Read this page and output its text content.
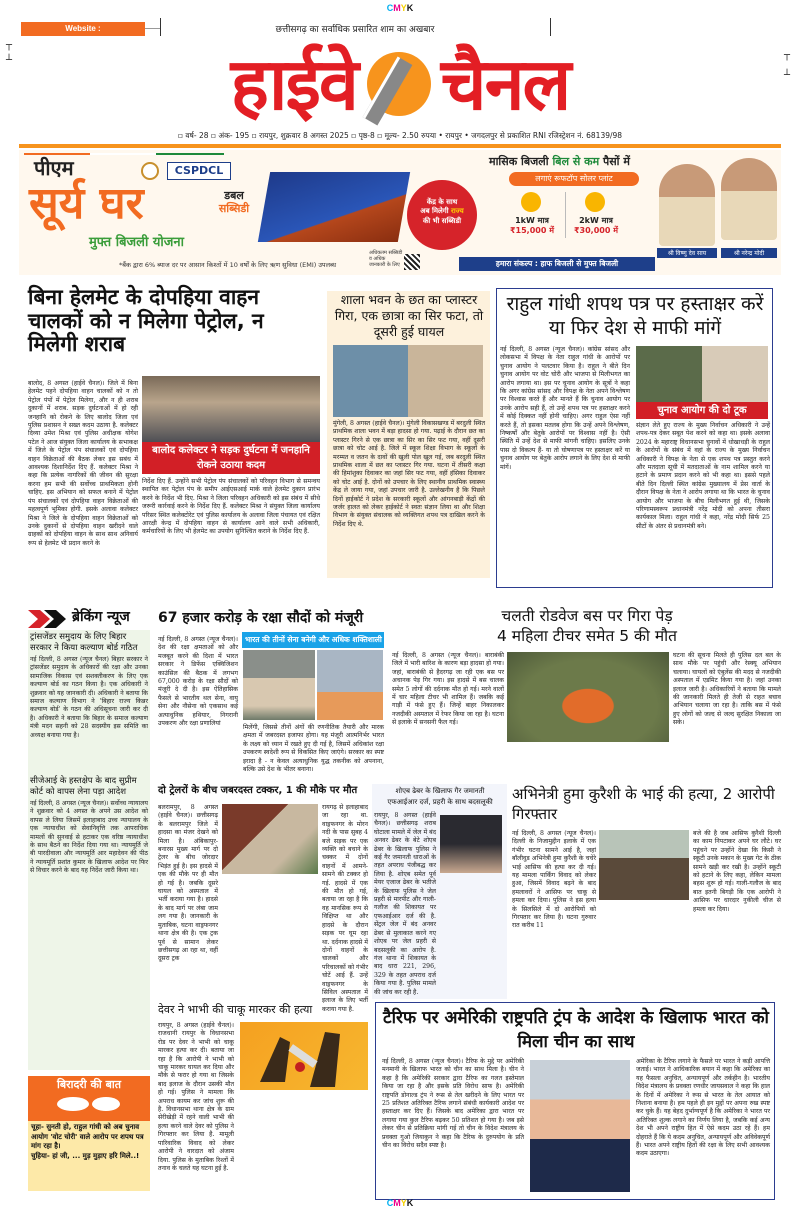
CMYK
┬
┴	┬
┴
Website : www.highwaychannel.in
छत्तीसगढ़ का सर्वाधिक प्रसारित शाम का अखबार
हाईवे चैनल
▫ वर्ष- 28 ▫ अंक- 195 ▫ रायपुर, शुक्रवार 8 अगस्त 2025 ▫ पृष्ठ-8 ▫ मूल्य- 2.50 रुपया • रायपुर • जगदलपुर से प्रकाशित RNI रजिस्ट्रेशन नं. 68139/98
पीएम	CSPDCL
सूर्य घर
मुफ्त बिजली योजना
डबल
सब्सिडी
अधिकतम सब्सिडी व अधिक जानकारी के लिए
केंद्र के साथ
अब मिलेगी राज्य
की भी सब्सिडी
मासिक बिजली बिल से कम पैसों में
लगाएं रूफटॉप सोलर प्लांट
1kW मात्र
₹15,000 में
2kW मात्र
₹30,000 में
हमारा संकल्प : हाफ बिजली से मुफ्त बिजली
श्री विष्णु देव साय	श्री नरेन्द्र मोदी
*बैंक द्वारा 6% ब्याज दर पर आसान किश्तों में 10 वर्षों के लिए ऋण सुविधा (EMI) उपलब्ध
बिना हेलमेट के दोपहिया वाहन चालकों को न मिलेगा पेट्रोल, न मिलेगी शराब
बालोद, 8 अगस्त (हाईवे चैनल)। जिले में बिना हेलमेट पहने दोपहिया वाहन चालकों को न तो पेट्रोल पंपों में पेट्रोल मिलेगा, और न ही शराब दुकानों में शराब. सड़क दुर्घटनाओं में हो रही जनहानि को रोकने के लिए बालोद जिला एवं पुलिस प्रशासन ने सख्त कदम उठाया है. कलेक्टर दिव्या उमेश मिश्रा एवं पुलिस अधीक्षक योगेश पटेल ने आज संयुक्त जिला कार्यालय के सभाकक्ष में जिले के पेट्रोल पंप संचालकों एवं दोपहिया वाहन विक्रेताओं की बैठक लेकर इस सबंध में आवश्यक दिशानिर्देश दिए हैं. कलेक्टर मिश्रा ने कहा कि प्रत्येक नागरिकों की जीवन की सुरक्षा करना हम सभी की सर्वोच्च प्राथमिकता होनी चाहिए. इस अभियान को सफल बनाने में पेट्रोल पंप संचालकों एवं दोपहिया वाहन विक्रेताओं की महत्वपूर्ण भूमिका होगी. इसके अलावा कलेक्टर मिश्रा ने जिले के दोपहिया वाहन विक्रेताओं को उनके दुकानों से दोपहिया वाहन खरीदने वाले ग्राहकों को दोपहिया वाहन के साथ साथ अनिवार्य रूप से हेलमेट भी प्रदान करने के
बालोद कलेक्टर ने सड़क दुर्घटना में जनहानि रोकने उठाया कदम
निर्देश दिए हैं. उन्होंने सभी पेट्रोल पंप संचालकों को परिवहन विभाग से समन्वय स्थापित कर पेट्रोल पंप के समीप आईएसआई मार्क वाले हेलमेट दुकान प्रारंभ करने के निर्देश भी दिए. मिश्रा ने जिला परिवहन अधिकारी को इस संबंध में सीधे जरूरी कार्रवाई करने के निर्देश दिए हैं. कलेक्टर मिश्रा ने संयुक्त जिला कार्यालय परिसर स्थित कलेक्टोरेट एवं पुलिस कार्यालय के अलावा जिला पंचायत एवं रक्षित आरक्षी केन्द्र में दोपहिया वाहन से कार्यालय आने वाले सभी अधिकारी, कर्मचारियों के लिए भी हेलमेट का उपयोग सुनिश्चित कराने के निर्देश दिए हैं.
शाला भवन के छत का प्लास्टर गिरा, एक छात्रा का सिर फटा, तो दूसरी हुई घायल
मुंगेली, 8 अगस्त (हाईवे चैनल)। मुंगेली विकासखण्ड में बरदुली स्थित प्राथमिक शाला भवन में बड़ा हादसा हो गया. पढ़ाई के दौरान छत का प्लास्टर गिरने से एक छात्रा का सिर का सिर फट गया, वहीं दूसरी छात्रा को चोट आई है. जिले में स्कूल शिक्षा विभाग के स्कूलों के मरम्मत व जतन के दावों की खुली पोल खुल गई, जब बरदुली स्थित प्राथमिक शाला में छत का प्लास्टर गिर गया. घटना में तीसरी कक्षा की हिमांशुका दिवाकर का जहां सिर फट गया, वहीं हंसिका दिवाकर को चोट आई है. दोनों को उपचार के लिए स्थानीय प्राथमिक स्वास्थ्य केंद्र ले जाया गया, जहां उपचार जारी है. उल्लेखनीय है कि पिछले दिनों हाईकोर्ट ने प्रदेश के सरकारी स्कूलों और आंगनबाड़ी केंद्रों की जर्जर हालत को लेकर हाईकोर्ट ने स्वतः संज्ञान लिया था और शिक्षा विभाग के संयुक्त संचालक को व्यक्तिगत शपथ पत्र दाखिल करने के निर्देश दिए थे.
राहुल गांधी शपथ पत्र पर हस्ताक्षर करें या फिर देश से माफी मांगें
नई दिल्ली, 8 अगस्त (न्यूज चैनल)। कांग्रेस सांसद और लोकसभा में विपक्ष के नेता राहुल गांधी के आरोपों पर चुनाव आयोग ने पलटवार किया है। राहुल ने बीते दिन चुनाव आयोग पर वोट चोरी और भाजपा से मिलीभगत का आरोप लगाया था। इस पर चुनाव आयोग के सूत्रों ने कहा कि अगर कांग्रेस सांसद और विपक्ष के नेता अपने विश्लेषण पर विश्वास करते हैं और मानते हैं कि चुनाव आयोग पर उनके आरोप सही हैं, तो उन्हें शपथ पत्र पर हस्ताक्षर करने में कोई दिक्कत नहीं होनी चाहिए। अगर राहुल ऐसा नहीं करते हैं, तो इसका मतलब होगा कि उन्हें अपने विश्लेषण, निष्कर्षों और बेतुके आरोपों पर विश्वास नहीं है। ऐसी स्थिति में उन्हें देश से माफी मांगनी चाहिए। इसलिए उनके पास दो विकल्प हैं- या तो घोषणापत्र पर हस्ताक्षर करें या चुनाव आयोग पर बेतुके आरोप लगाने के लिए देश से माफी मांगें।
चुनाव आयोग की दो टूक
संज्ञान लेते हुए राज्य के मुख्य निर्वाचन अधिकारी ने उन्हें शपथ-पत्र देकर सबूत पेश करने को कहा था। इसके अलावा 2024 के महाराष्ट्र विधानसभा चुनावों में धोखाधड़ी के राहुल के आरोपों के संबंध में वहां के राज्य के मुख्य निर्वाचन अधिकारी ने विपक्ष के नेता से एक शपथ पत्र प्रस्तुत करने और मतदाता सूची में मतदाताओं के नाम शामिल करने या हटाने के प्रमाण प्रदान करने को भी कहा था। इससे पहले बीते दिन दिल्ली स्थित कांग्रेस मुख्यालय में प्रेस वार्ता के दौरान विपक्ष के नेता ने आरोप लगाया था कि भारत के चुनाव आयोग और भाजपा के बीच मिलीभगत हुई थी, जिसके परिणामस्वरूप प्रधानमंत्री नरेंद्र मोदी को अपना तीसरा कार्यकाल मिला। राहुल गांधी ने कहा, नरेंद्र मोदी सिर्फ 25 सीटों के अंतर से प्रधानमंत्री बने।
ब्रेकिंग न्यूज
ट्रांसजेंडर समुदाय के लिए बिहार सरकार ने किया कल्याण बोर्ड गठित
नई दिल्ली, 8 अगस्त (न्यूज चैनल) बिहार सरकार ने ट्रांसजेंडर समुदाय के अधिकारों की रक्षा और उनका सामाजिक विकास एवं सशक्तीकरण के लिए एक कल्याण बोर्ड का गठन किया है। एक अधिकारी ने शुक्रवार को यह जानकारी दी। अधिकारी ने बताया कि समाज कल्याण विभाग ने 'बिहार राज्य किन्नर कल्याण बोर्ड' के गठन की अधिसूचना जारी कर दी है। अधिकारी ने बताया कि बिहार के समाज कल्याण मंत्री मदन सहनी को 28 सदस्यीय इस समिति का अध्यक्ष बनाया गया है।
सीजेआई के हस्तक्षेप के बाद सुप्रीम कोर्ट को वापस लेना पड़ा आदेश
नई दिल्ली, 8 अगस्त (न्यूज चैनल)। सर्वोच्च न्यायालय ने शुक्रवार को 4 अगस्त के अपने उस आदेश को वापस ले लिया जिसमें इलाहाबाद उच्च न्यायालय के एक न्यायाधीश को सेवानिवृत्ति तक आपराधिक मामलों की सुनवाई से हटाकर एक वरिष्ठ न्यायाधीश के साथ बैठने का निर्देश दिया गया था। न्यायमूर्ति जे बी पारदीवाला और न्यायमूर्ति आर महादेवन की पीठ ने न्यायमूर्ति प्रशांत कुमार के खिलाफ आदेश पर फिर से विचार करने के बाद यह निर्देश जारी किया था।
67 हजार करोड़ के रक्षा सौदों को मंजूरी
नई दिल्ली, 8 अगस्त (न्यूज चैनल)। देश की रक्षा क्षमताओं को और मजबूत करने की दिशा में भारत सरकार ने डिफेंस एक्विजिशन काउंसिल की बैठक में लगभग 67,000 करोड़ के रक्षा सौदों को मंजूरी दे दी है। इस ऐतिहासिक फैसले से भारतीय थल सेना, वायु सेना और नौसेना को एकसाथ कई अत्याधुनिक हथियार, निगरानी उपकरण और रक्षा प्रणालियां
भारत की तीनों सेना बनेगी और अधिक शक्तिशाली
मिलेंगी, जिससे तीनों अंगों की रणनीतिक तैयारी और मारक क्षमता में जबरदस्त इजाफा होगा। यह मंजूरी आत्मनिर्भर भारत के लक्ष्य को ध्यान में रखते हुए दी गई है, जिसमें अधिकांश रक्षा उपकरण स्वदेशी रूप से विकसित किए जाएंगे। सरकार का स्पष्ट इरादा है - न केवल अत्याधुनिक युद्ध तकनीक को अपनाना, बल्कि उसे देश के भीतर बनाना।
चलती रोडवेज बस पर गिरा पेड़
4 महिला टीचर समेत 5 की मौत
नई दिल्ली, 8 अगस्त (न्यूज चैनल)। बाराबंकी जिले में भारी बारिश के कारण बड़ा हादसा हो गया। जहां, बाराबंकी से हैदरगढ़ जा रही एक बस पर अचानक पेड़ गिर गया। इस हादसे में बस चालक समेत 5 लोगों की दर्दनाक मौत हो गई। मरने वालों में चार महिला टीचर भी शामिल हैं। जबकि कई गाड़ी में फंसे हुए हैं। जिन्हें बाहर निकालकर नजदीकी अस्पताल में रेफर किया जा रहा है। घटना से इलाके में सनसनी फैल गई।
घटना की सूचना मिलते ही पुलिस दल बल के साथ मौके पर पहुंची और रेस्क्यू अभियान चलाया। घायलों को एंबुलेंस की मदद से नजदीकी अस्पताल में एडमिट किया गया है। जहां उनका इलाज जारी है। अधिकारियों ने बताया कि मामले की जानकारी मिलते ही तेजी से राहत बचाव अभियान चलाया जा रहा है। ताकि बस में फंसे हुए लोगों को जल्द से जल्द सुरक्षित निकाला जा सके।
दो ट्रेलरों के बीच जबरदस्त टक्कर, 1 की मौके पर मौत
बलरामपुर, 8 अगस्त (हाईवे चैनल)। छत्तीसगढ़ के बलरामपुर जिले में हादसा का मंजर देखने को मिला है। अंबिकापुर-बनारस मुख्य मार्ग पर दो ट्रेलर के बीच जोरदार भिड़ंत हुई है। इस हादसे में एक की मौके पर ही मौत हो गई है। जबकि दूसरे घायल को अस्पताल में भर्ती कराया गया है। हादसे के बाद मार्ग पर लंबा जाम लग गया है। जानकारी के मुताबिक, घटना वाड्रफनगर थाना क्षेत्र की है। एक ट्रक पूर्व से सामान लेकर छत्तीसगढ़ आ रहा था, वहीं दूसरा ट्रक
रायगढ़ से इलाहाबाद जा रहा था. वाड्रफनगर के मोरन नदी के पास सुबह 4 बजे सड़क पर एक व्यक्ति को बचाने के चक्कर में दोनों वाहनों में आमने-सामने की टक्कर हो गई. हादसे में एक की मौत हो गई, बताया जा रहा है कि वह मानसिक रूप से विक्षिप्त था और हादसे के दौरान सड़क पर घूम रहा था. दर्दनाक हादसे में दोनों वाहनों के चालकों और परिचालकों को गंभीर चोटें आई हैं. उन्हें वाड्रफनगर के सिविल अस्पताल में इलाज के लिए भर्ती कराया गया है.
शोएब ढेबर के खिलाफ गैर जमानती
एफआईआर दर्ज, प्रहरी के साथ बदसलूकी
रायपुर, 8 अगस्त (हाईवे चैनल)। छत्तीसगढ़ शराब घोटाला मामले में जेल में बंद अनवर ढेबर के बेटे शोएब ढेबर के खिलाफ पुलिस ने कई गैर जमानती धाराओं के तहत अपराध पंजीबद्ध कर लिया है. शोएब समेत पूर्व मेयर एजाज ढेबर के भतीजे के खिलाफ पुलिस ने जेल प्रहरी से मारपीट और गाली-गलौज की शिकायत पर एफआईआर दर्ज की है. सेंट्रल जेल में बंद अनवर ढेबर से मुलाकात करने गए शोएब पर जेल प्रहरी से बदसलूकी का आरोप है. गंज थाना में शिकायत के बाद धारा 221, 296, 329 के तहत अपराध दर्ज किया गया है. पुलिस मामले की जांच कर रही है.
अभिनेत्री हुमा कुरैशी के भाई की हत्या, 2 आरोपी गिरफ्तार
नई दिल्ली, 8 अगस्त (न्यूज चैनल)। दिल्ली के निजामुद्दीन इलाके में एक गंभीर घटना सामने आई है, जहां बॉलीवुड अभिनेत्री हुमा कुरैशी के चचेरे भाई आसिफ की हत्या कर दी गई। यह मामला पार्किंग विवाद को लेकर हुआ, जिसमें विवाद बढ़ने के बाद हमलावरों ने आसिफ पर चाकू से हमला कर दिया। पुलिस ने इस हत्या के सिलसिले में दो आरोपियों को गिरफ्तार कर लिया है। घटना गुरुवार रात करीब 11
बजे की है जब आसिफ कुरैशी दिल्ली का काम निपटाकर अपने घर लौटे। घर पहुंचने पर उन्होंने देखा कि किसी ने स्कूटी उनके मकान के मुख्य गेट के ठीक सामने खड़ी कर रखी है। उन्होंने स्कूटी को हटाने के लिए कहा, लेकिन मामला बहस शुरू हो गई। गाली-गलौज के बाद बात इतनी बिगड़ी कि एक आरोपी ने आसिफ पर धारदार नुकीली चीज से हमला कर दिया।
देवर ने भाभी की चाकू मारकर की हत्या
रायपुर, 8 अगस्त (हाईवे चैनल)। राजधानी रायपुर के विधानसभा रोड पर देवर ने भाभी को चाकू मारकर हत्या कर दी। बताया जा रहा है कि आरोपी ने भाभी को चाकू मारकर घायल कर दिया और मौके से फरार हो गया था जिसके बाद इलाज के दौरान उसकी मौत हो गई। पुलिस ने मामला कि अपराध कायम कर जांच शुरू की है. विधानसभा थाना क्षेत्र के ग्राम सेरीखेड़ी में रहने वाली भाभी की हत्या करने वाले देवर को पुलिस ने गिरफ्तार कर लिया है. मामूली पारिवारिक विवाद को लेकर आरोपी ने वारदात को अंजाम दिया. पुलिस के मुताबिक रिश्तों में तनाव के चलते यह घटना हुई है.
टैरिफ पर अमेरिकी राष्ट्रपति ट्रंप के आदेश के खिलाफ भारत को मिला चीन का साथ
नई दिल्ली, 8 अगस्त (न्यूज चैनल)। टैरिफ के मुद्दे पर अमेरिकी मनमानी के खिलाफ भारत को चीन का साथ मिला है। चीन ने कहा है कि अमेरिकी सरकार द्वारा टैरिफ का गलत इस्तेमाल किया जा रहा है और इसके प्रति विरोध साफ है। अमेरिकी राष्ट्रपति डोनाल्ड ट्रंप ने रूस से तेल खरीदने के लिए भारत पर 25 प्रतिशत अतिरिक्त टैरिफ लगाने संबंधी कार्यकारी आदेश पर हस्ताक्षर कर दिए हैं। जिसके बाद अमेरिका द्वारा भारत पर लगाया गया कुल टैरिफ बढ़कर 50 प्रतिशत हो गया है। जब इसे लेकर चीन से प्रतिक्रिया मांगी गई तो चीन के विदेश मंत्रालय के प्रवक्ता गुओ जियाकुन ने कहा कि टैरिफ के दुरुपयोग के प्रति चीन का विरोध सदैव स्पष्ट है।
अमेरिका के टैरिफ लगाने के फैसले पर भारत ने कड़ी आपत्ति जताई। भारत ने आधिकारिक बयान में कहा कि अमेरिका का यह फैसला अनुचित, अन्यायपूर्ण और तर्कहीन है। भारतीय विदेश मंत्रालय के प्रवक्ता रणधीर जायसवाल ने कहा कि हाल के दिनों में अमेरिका ने रूस से भारत के तेल आयात को निशाना बनाया है। हम पहले ही इन मुद्दों पर अपना रुख स्पष्ट कर चुके हैं। यह बेहद दुर्भाग्यपूर्ण है कि अमेरिका ने भारत पर अतिरिक्त शुल्क लगाने का निर्णय लिया है, जबकि कई अन्य देश भी अपने राष्ट्रीय हित में ऐसे कदम उठा रहे हैं। हम दोहराते हैं कि ये कदम अनुचित, अन्यायपूर्ण और अविवेकपूर्ण हैं। भारत अपने राष्ट्रीय हितों की रक्षा के लिए सभी आवश्यक कदम उठाएगा।
बिरादरी की बात
चूहा- सुनती हो, राहुल गांधी को अब चुनाव आयोग 'वोट चोरी' वाले आरोप पर शपथ पत्र मांग रहा है।
चुहिया- हां जी, ... मुड़ मुड़ाए हरि मिले..!
CMYK
